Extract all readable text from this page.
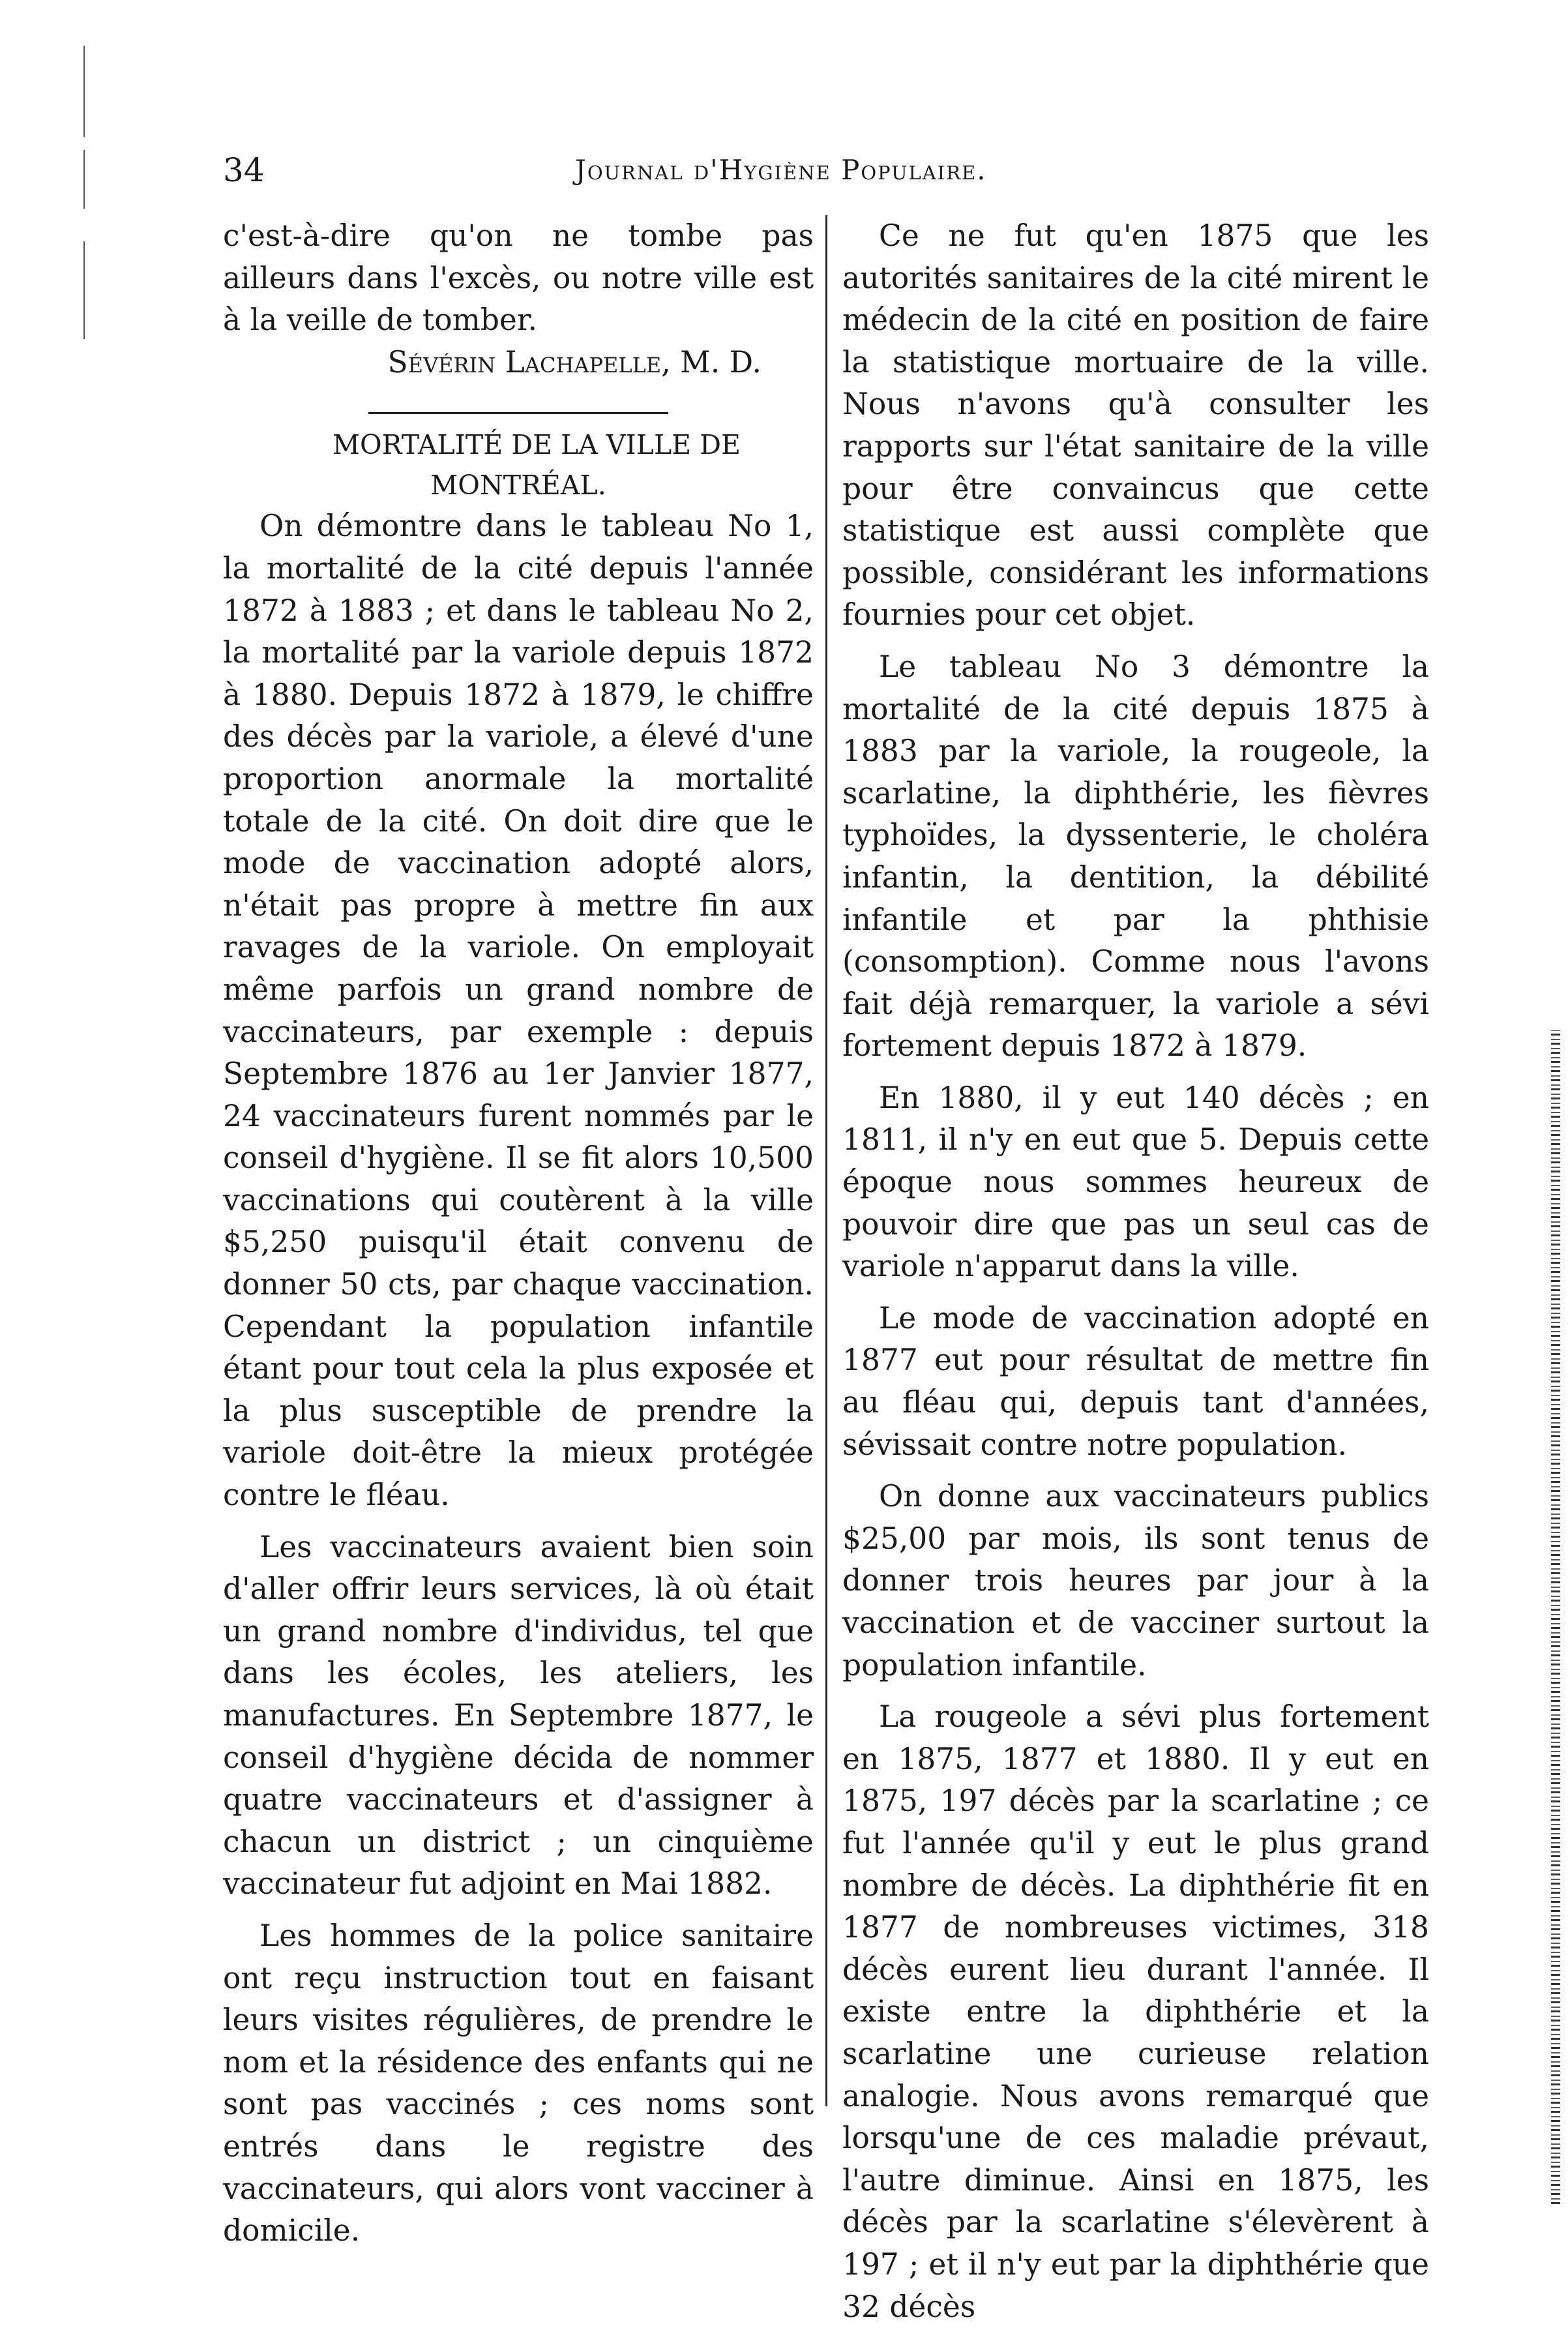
34	Journal d'Hygiène Populaire.

c'est-à-dire qu'on ne tombe pas ailleurs dans l'excès, ou notre ville est à la veille de tomber.

Sévérin Lachapelle, M. D.

MORTALITÉ DE LA VILLE DE MONTRÉAL.

On démontre dans le tableau No 1, la mortalité de la cité depuis l'année 1872 à 1883 ; et dans le tableau No 2, la mortalité par la variole depuis 1872 à 1880. Depuis 1872 à 1879, le chiffre des décès par la variole, a élevé d'une proportion anormale la mortalité totale de la cité. On doit dire que le mode de vaccination adopté alors, n'était pas propre à mettre fin aux ravages de la variole. On employait même parfois un grand nombre de vaccinateurs, par exemple : depuis Septembre 1876 au 1er Janvier 1877, 24 vaccinateurs furent nommés par le conseil d'hygiène. Il se fit alors 10,500 vaccinations qui coutèrent à la ville $5,250 puisqu'il était convenu de donner 50 cts, par chaque vaccination. Cependant la population infantile étant pour tout cela la plus exposée et la plus susceptible de prendre la variole doit-être la mieux protégée contre le fléau.

Les vaccinateurs avaient bien soin d'aller offrir leurs services, là où était un grand nombre d'individus, tel que dans les écoles, les ateliers, les manufactures. En Septembre 1877, le conseil d'hygiène décida de nommer quatre vaccinateurs et d'assigner à chacun un district ; un cinquième vaccinateur fut adjoint en Mai 1882.

Les hommes de la police sanitaire ont reçu instruction tout en faisant leurs visites régulières, de prendre le nom et la résidence des enfants qui ne sont pas vaccinés ; ces noms sont entrés dans le registre des vaccinateurs, qui alors vont vacciner à domicile.

Ce ne fut qu'en 1875 que les autorités sanitaires de la cité mirent le médecin de la cité en position de faire la statistique mortuaire de la ville. Nous n'avons qu'à consulter les rapports sur l'état sanitaire de la ville pour être convaincus que cette statistique est aussi complète que possible, considérant les informations fournies pour cet objet.

Le tableau No 3 démontre la mortalité de la cité depuis 1875 à 1883 par la variole, la rougeole, la scarlatine, la diphthérie, les fièvres typhoïdes, la dyssenterie, le choléra infantin, la dentition, la débilité infantile et par la phthisie (consomption). Comme nous l'avons fait déjà remarquer, la variole a sévi fortement depuis 1872 à 1879.

En 1880, il y eut 140 décès ; en 1811, il n'y en eut que 5. Depuis cette époque nous sommes heureux de pouvoir dire que pas un seul cas de variole n'apparut dans la ville.

Le mode de vaccination adopté en 1877 eut pour résultat de mettre fin au fléau qui, depuis tant d'années, sévissait contre notre population.

On donne aux vaccinateurs publics $25,00 par mois, ils sont tenus de donner trois heures par jour à la vaccination et de vacciner surtout la population infantile.

La rougeole a sévi plus fortement en 1875, 1877 et 1880. Il y eut en 1875, 197 décès par la scarlatine ; ce fut l'année qu'il y eut le plus grand nombre de décès. La diphthérie fit en 1877 de nombreuses victimes, 318 décès eurent lieu durant l'année. Il existe entre la diphthérie et la scarlatine une curieuse relation analogie. Nous avons remarqué que lorsqu'une de ces maladie prévaut, l'autre diminue. Ainsi en 1875, les décès par la scarlatine s'élevèrent à 197 ; et il n'y eut par la diphthérie que 32 décès
